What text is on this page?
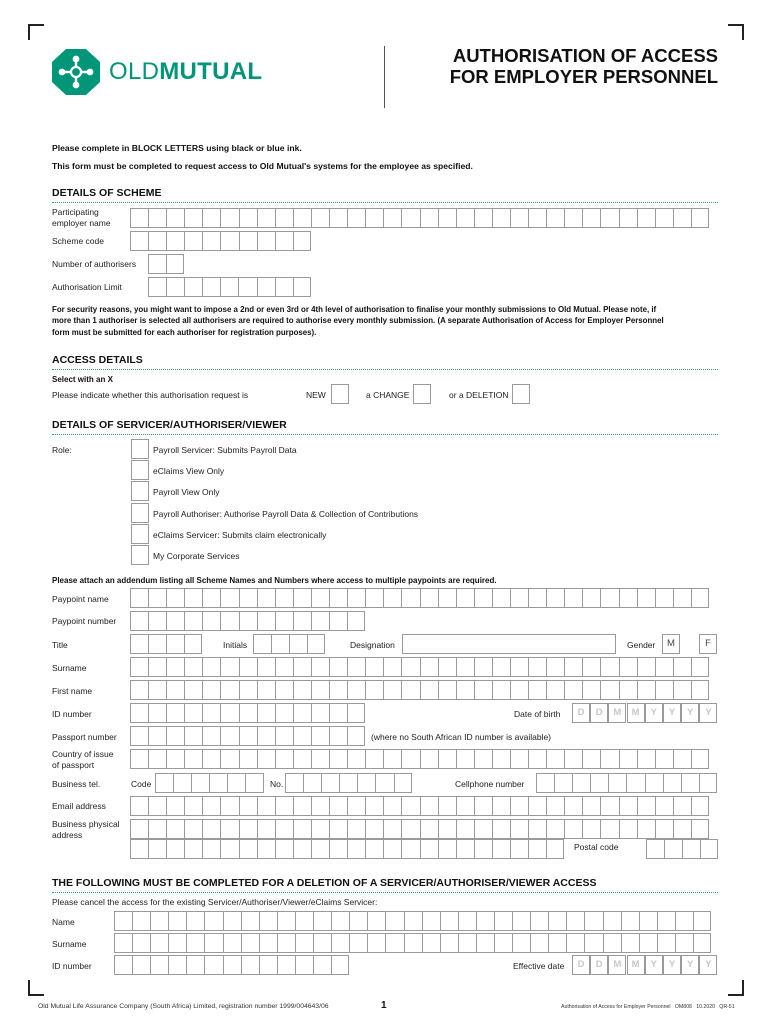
OLDMUTUAL
AUTHORISATION OF ACCESS
FOR EMPLOYER PERSONNEL
Please complete in BLOCK LETTERS using black or blue ink.
This form must be completed to request access to Old Mutual's systems for the employee as specified.
DETAILS OF SCHEME
Participating
employer name
Scheme code
Number of authorisers
Authorisation Limit
For security reasons, you might want to impose a 2nd or even 3rd or 4th level of authorisation to finalise your monthly submissions to Old Mutual. Please note, if
more than 1 authoriser is selected all authorisers are required to authorise every monthly submission. (A separate Authorisation of Access for Employer Personnel
form must be submitted for each authoriser for registration purposes).
ACCESS DETAILS
Select with an X
Please indicate whether this authorisation request is	NEW	a CHANGE	or a DELETION
DETAILS OF SERVICER/AUTHORISER/VIEWER
Role:	Payroll Servicer: Submits Payroll Data
eClaims View Only
Payroll View Only
Payroll Authoriser: Authorise Payroll Data & Collection of Contributions
eClaims Servicer: Submits claim electronically
My Corporate Services
Please attach an addendum listing all Scheme Names and Numbers where access to multiple paypoints are required.
Paypoint name
Paypoint number
Title	Initials	Designation	Gender	M	F
Surname
First name
ID number	Date of birth	D	D	M	M	Y	Y	Y	Y
Passport number	(where no South African ID number is available)
Country of issue
of passport
Business tel.	Code	No.	Cellphone number
Email address
Business physical
address
Postal code
THE FOLLOWING MUST BE COMPLETED FOR A DELETION OF A SERVICER/AUTHORISER/VIEWER ACCESS
Please cancel the access for the existing Servicer/Authoriser/Viewer/eClaims Servicer:
Name
Surname
ID number	Effective date	D	D	M	M	Y	Y	Y	Y
Old Mutual Life Assurance Company (South Africa) Limited, registration number 1999/004643/06	1	Authorisation of Access for Employer Personnel   OM808   10.2020   QR-51
